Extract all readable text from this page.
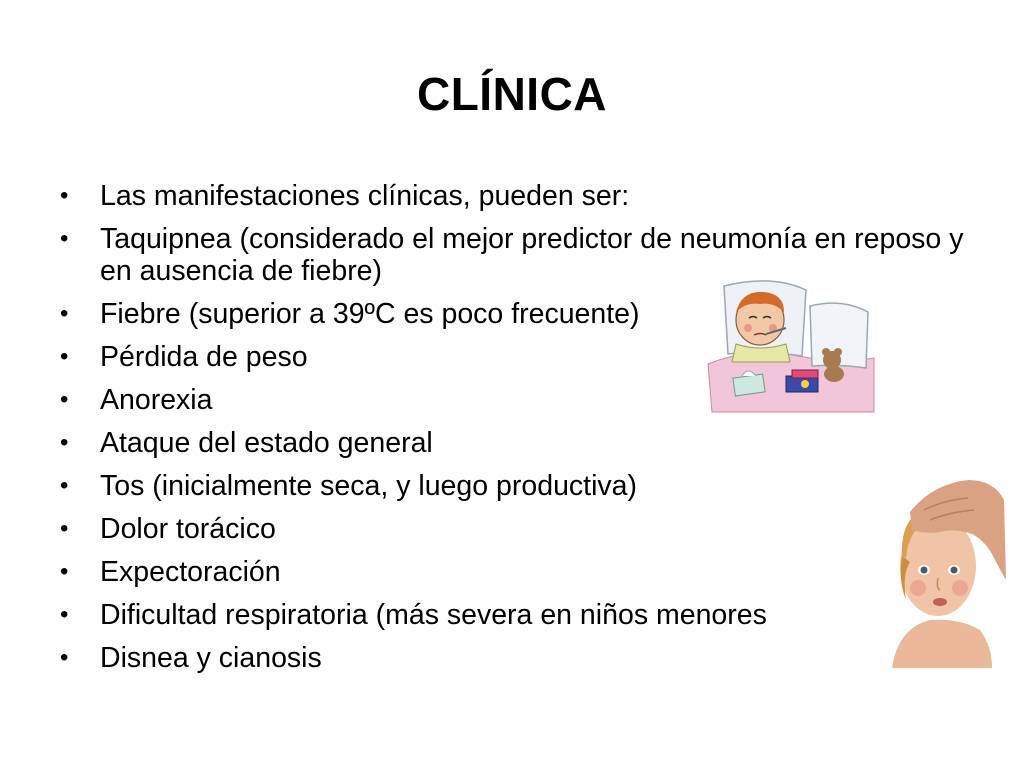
CLÍNICA
• Las manifestaciones clínicas, pueden ser:
• Taquipnea (considerado el mejor predictor de neumonía en reposo y en ausencia de fiebre)
• Fiebre (superior a 39ºC es poco frecuente)
• Pérdida de peso
• Anorexia
• Ataque del estado general
• Tos (inicialmente seca, y luego productiva)
• Dolor torácico
• Expectoración
• Dificultad respiratoria (más severa en niños menores
• Disnea y cianosis
